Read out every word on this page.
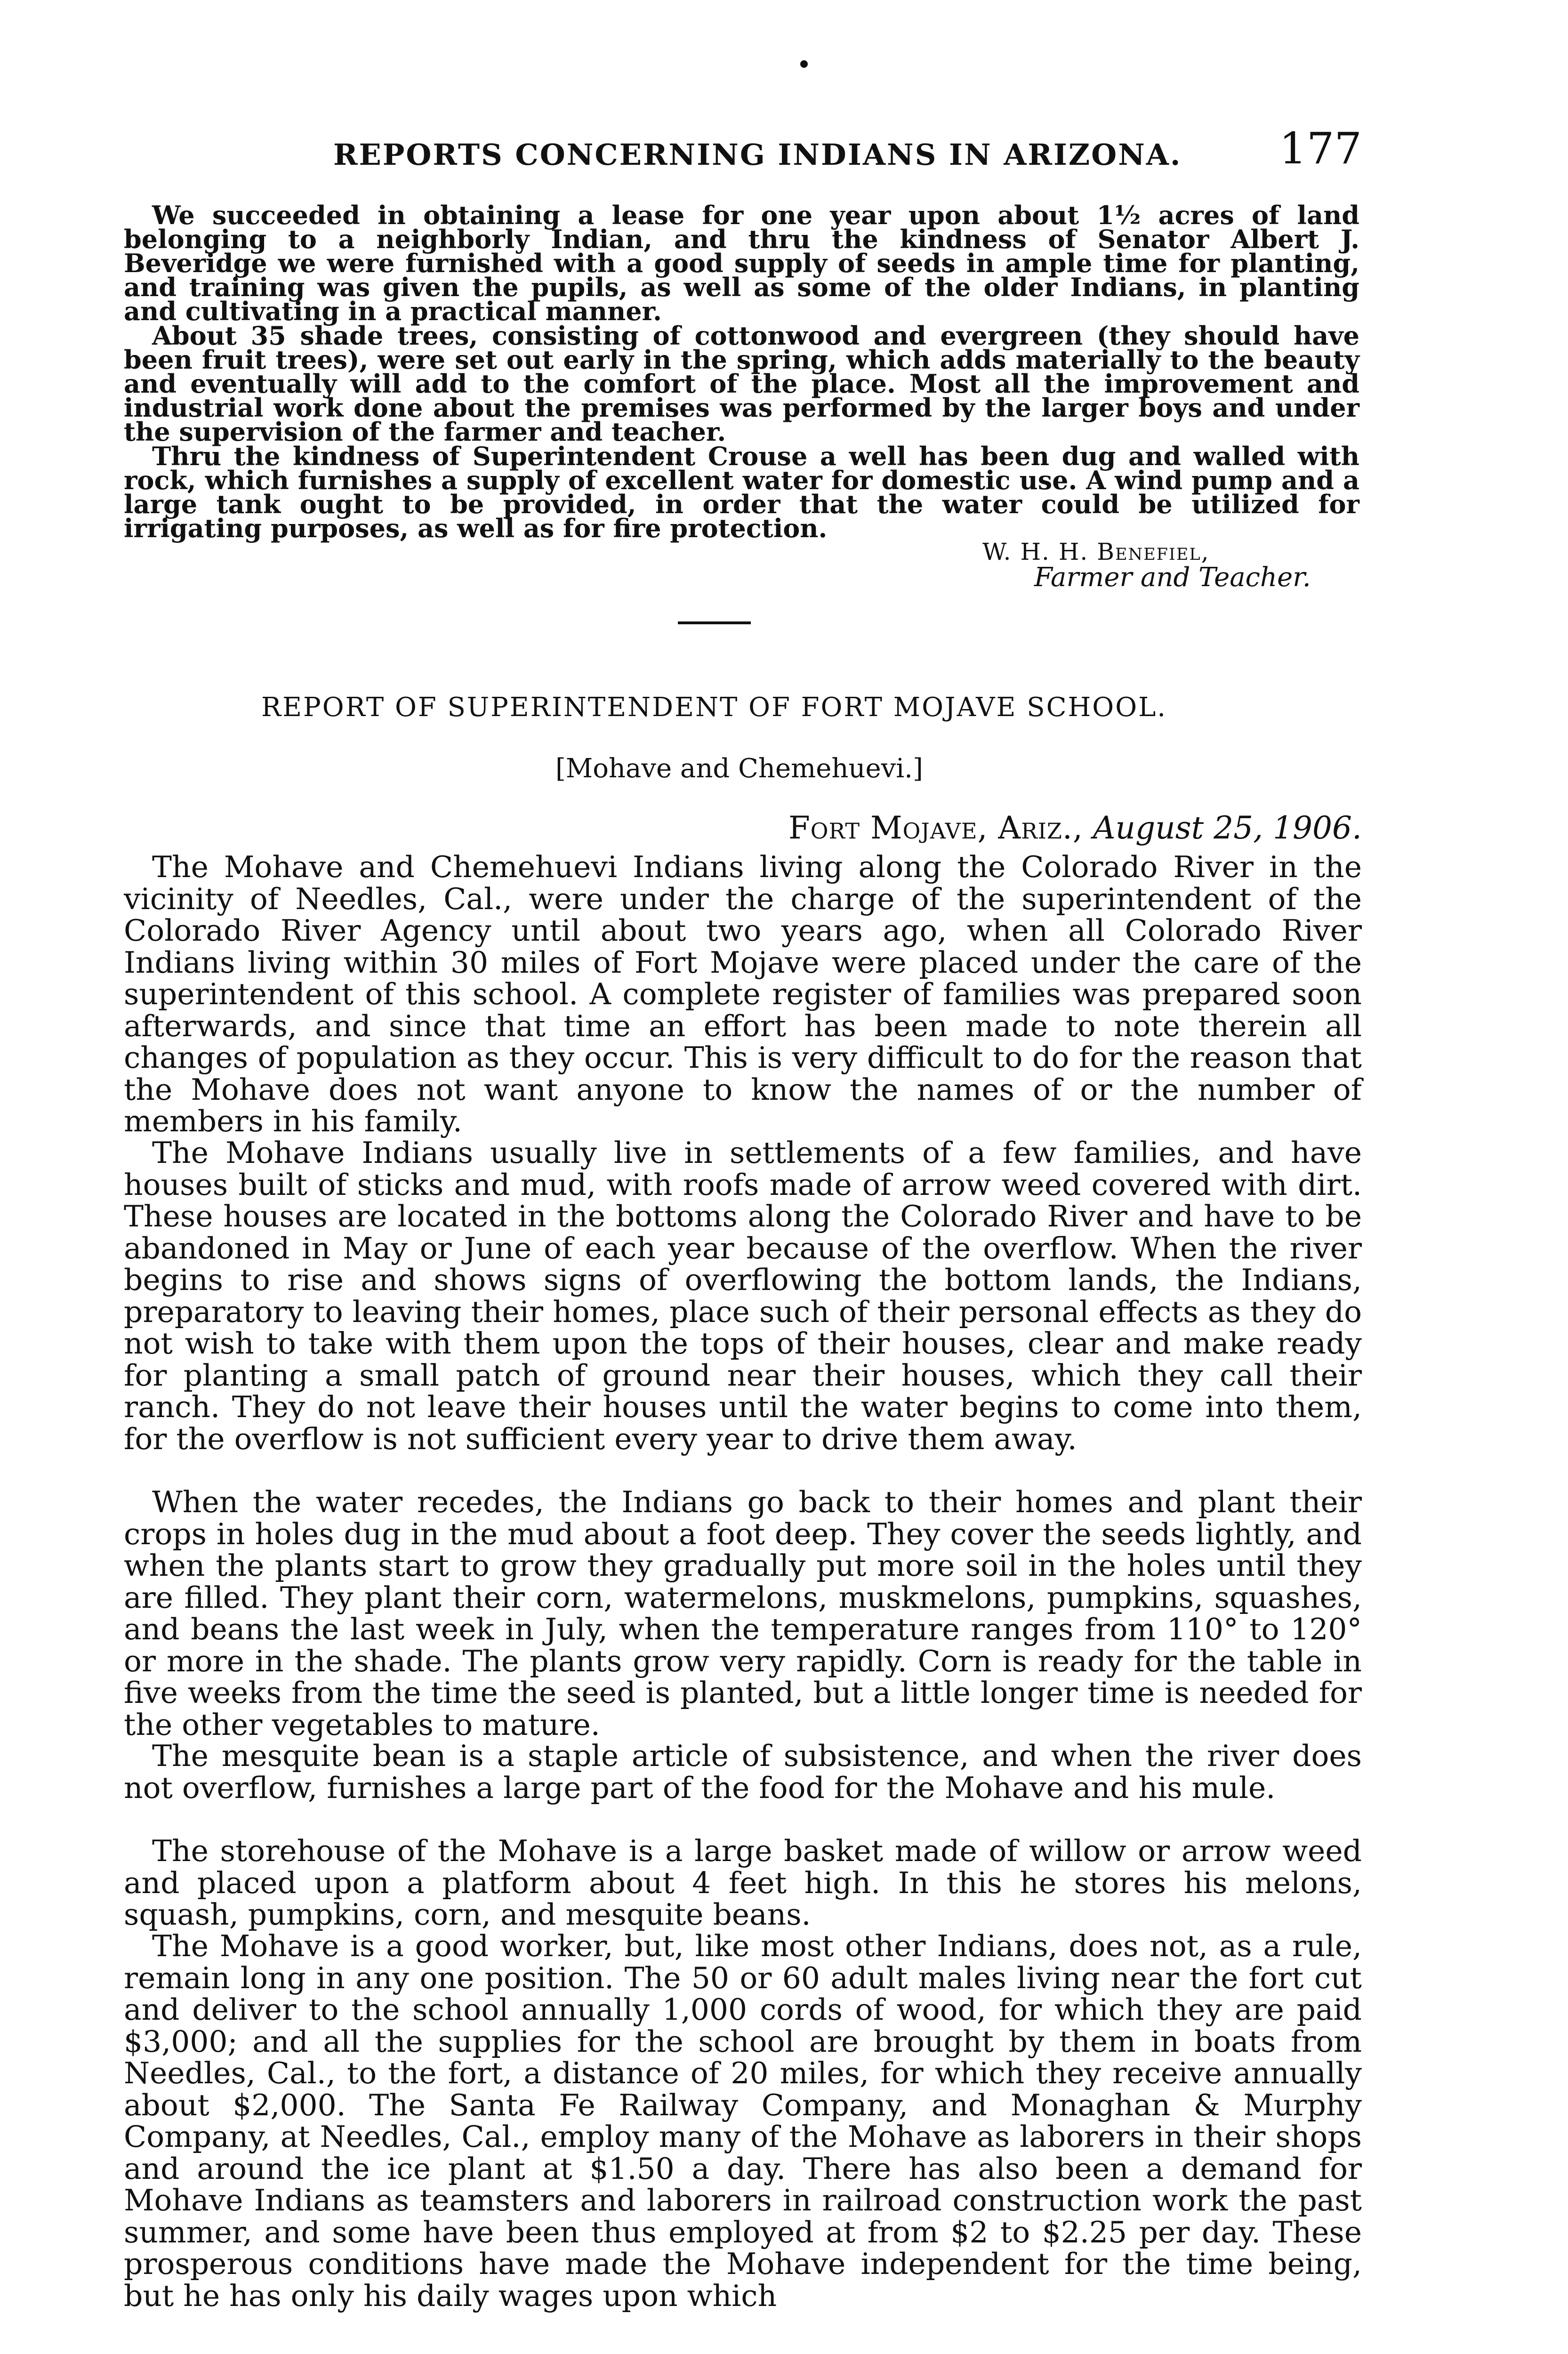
REPORTS CONCERNING INDIANS IN ARIZONA. 177

We succeeded in obtaining a lease for one year upon about 1½ acres of land belonging to a neighborly Indian, and thru the kindness of Senator Albert J. Beveridge we were furnished with a good supply of seeds in ample time for planting, and training was given the pupils, as well as some of the older Indians, in planting and cultivating in a practical manner.

About 35 shade trees, consisting of cottonwood and evergreen (they should have been fruit trees), were set out early in the spring, which adds materially to the beauty and eventually will add to the comfort of the place. Most all the improvement and industrial work done about the premises was performed by the larger boys and under the supervision of the farmer and teacher.

Thru the kindness of Superintendent Crouse a well has been dug and walled with rock, which furnishes a supply of excellent water for domestic use. A wind pump and a large tank ought to be provided, in order that the water could be utilized for irrigating purposes, as well as for fire protection.

W. H. H. Benefiel,
Farmer and Teacher.
REPORT OF SUPERINTENDENT OF FORT MOJAVE SCHOOL.
[Mohave and Chemehuevi.]
Fort Mojave, Ariz., August 25, 1906.

The Mohave and Chemehuevi Indians living along the Colorado River in the vicinity of Needles, Cal., were under the charge of the superintendent of the Colorado River Agency until about two years ago, when all Colorado River Indians living within 30 miles of Fort Mojave were placed under the care of the superintendent of this school. A complete register of families was prepared soon afterwards, and since that time an effort has been made to note therein all changes of population as they occur. This is very difficult to do for the reason that the Mohave does not want anyone to know the names of or the number of members in his family.

The Mohave Indians usually live in settlements of a few families, and have houses built of sticks and mud, with roofs made of arrow weed covered with dirt. These houses are located in the bottoms along the Colorado River and have to be abandoned in May or June of each year because of the overflow. When the river begins to rise and shows signs of overflowing the bottom lands, the Indians, preparatory to leaving their homes, place such of their personal effects as they do not wish to take with them upon the tops of their houses, clear and make ready for planting a small patch of ground near their houses, which they call their ranch. They do not leave their houses until the water begins to come into them, for the overflow is not sufficient every year to drive them away.

When the water recedes, the Indians go back to their homes and plant their crops in holes dug in the mud about a foot deep. They cover the seeds lightly, and when the plants start to grow they gradually put more soil in the holes until they are filled. They plant their corn, watermelons, muskmelons, pumpkins, squashes, and beans the last week in July, when the temperature ranges from 110° to 120° or more in the shade. The plants grow very rapidly. Corn is ready for the table in five weeks from the time the seed is planted, but a little longer time is needed for the other vegetables to mature.

The mesquite bean is a staple article of subsistence, and when the river does not overflow, furnishes a large part of the food for the Mohave and his mule.

The storehouse of the Mohave is a large basket made of willow or arrow weed and placed upon a platform about 4 feet high. In this he stores his melons, squash, pumpkins, corn, and mesquite beans.

The Mohave is a good worker, but, like most other Indians, does not, as a rule, remain long in any one position. The 50 or 60 adult males living near the fort cut and deliver to the school annually 1,000 cords of wood, for which they are paid $3,000; and all the supplies for the school are brought by them in boats from Needles, Cal., to the fort, a distance of 20 miles, for which they receive annually about $2,000. The Santa Fe Railway Company, and Monaghan & Murphy Company, at Needles, Cal., employ many of the Mohave as laborers in their shops and around the ice plant at $1.50 a day. There has also been a demand for Mohave Indians as teamsters and laborers in railroad construction work the past summer, and some have been thus employed at from $2 to $2.25 per day. These prosperous conditions have made the Mohave independent for the time being, but he has only his daily wages upon which
